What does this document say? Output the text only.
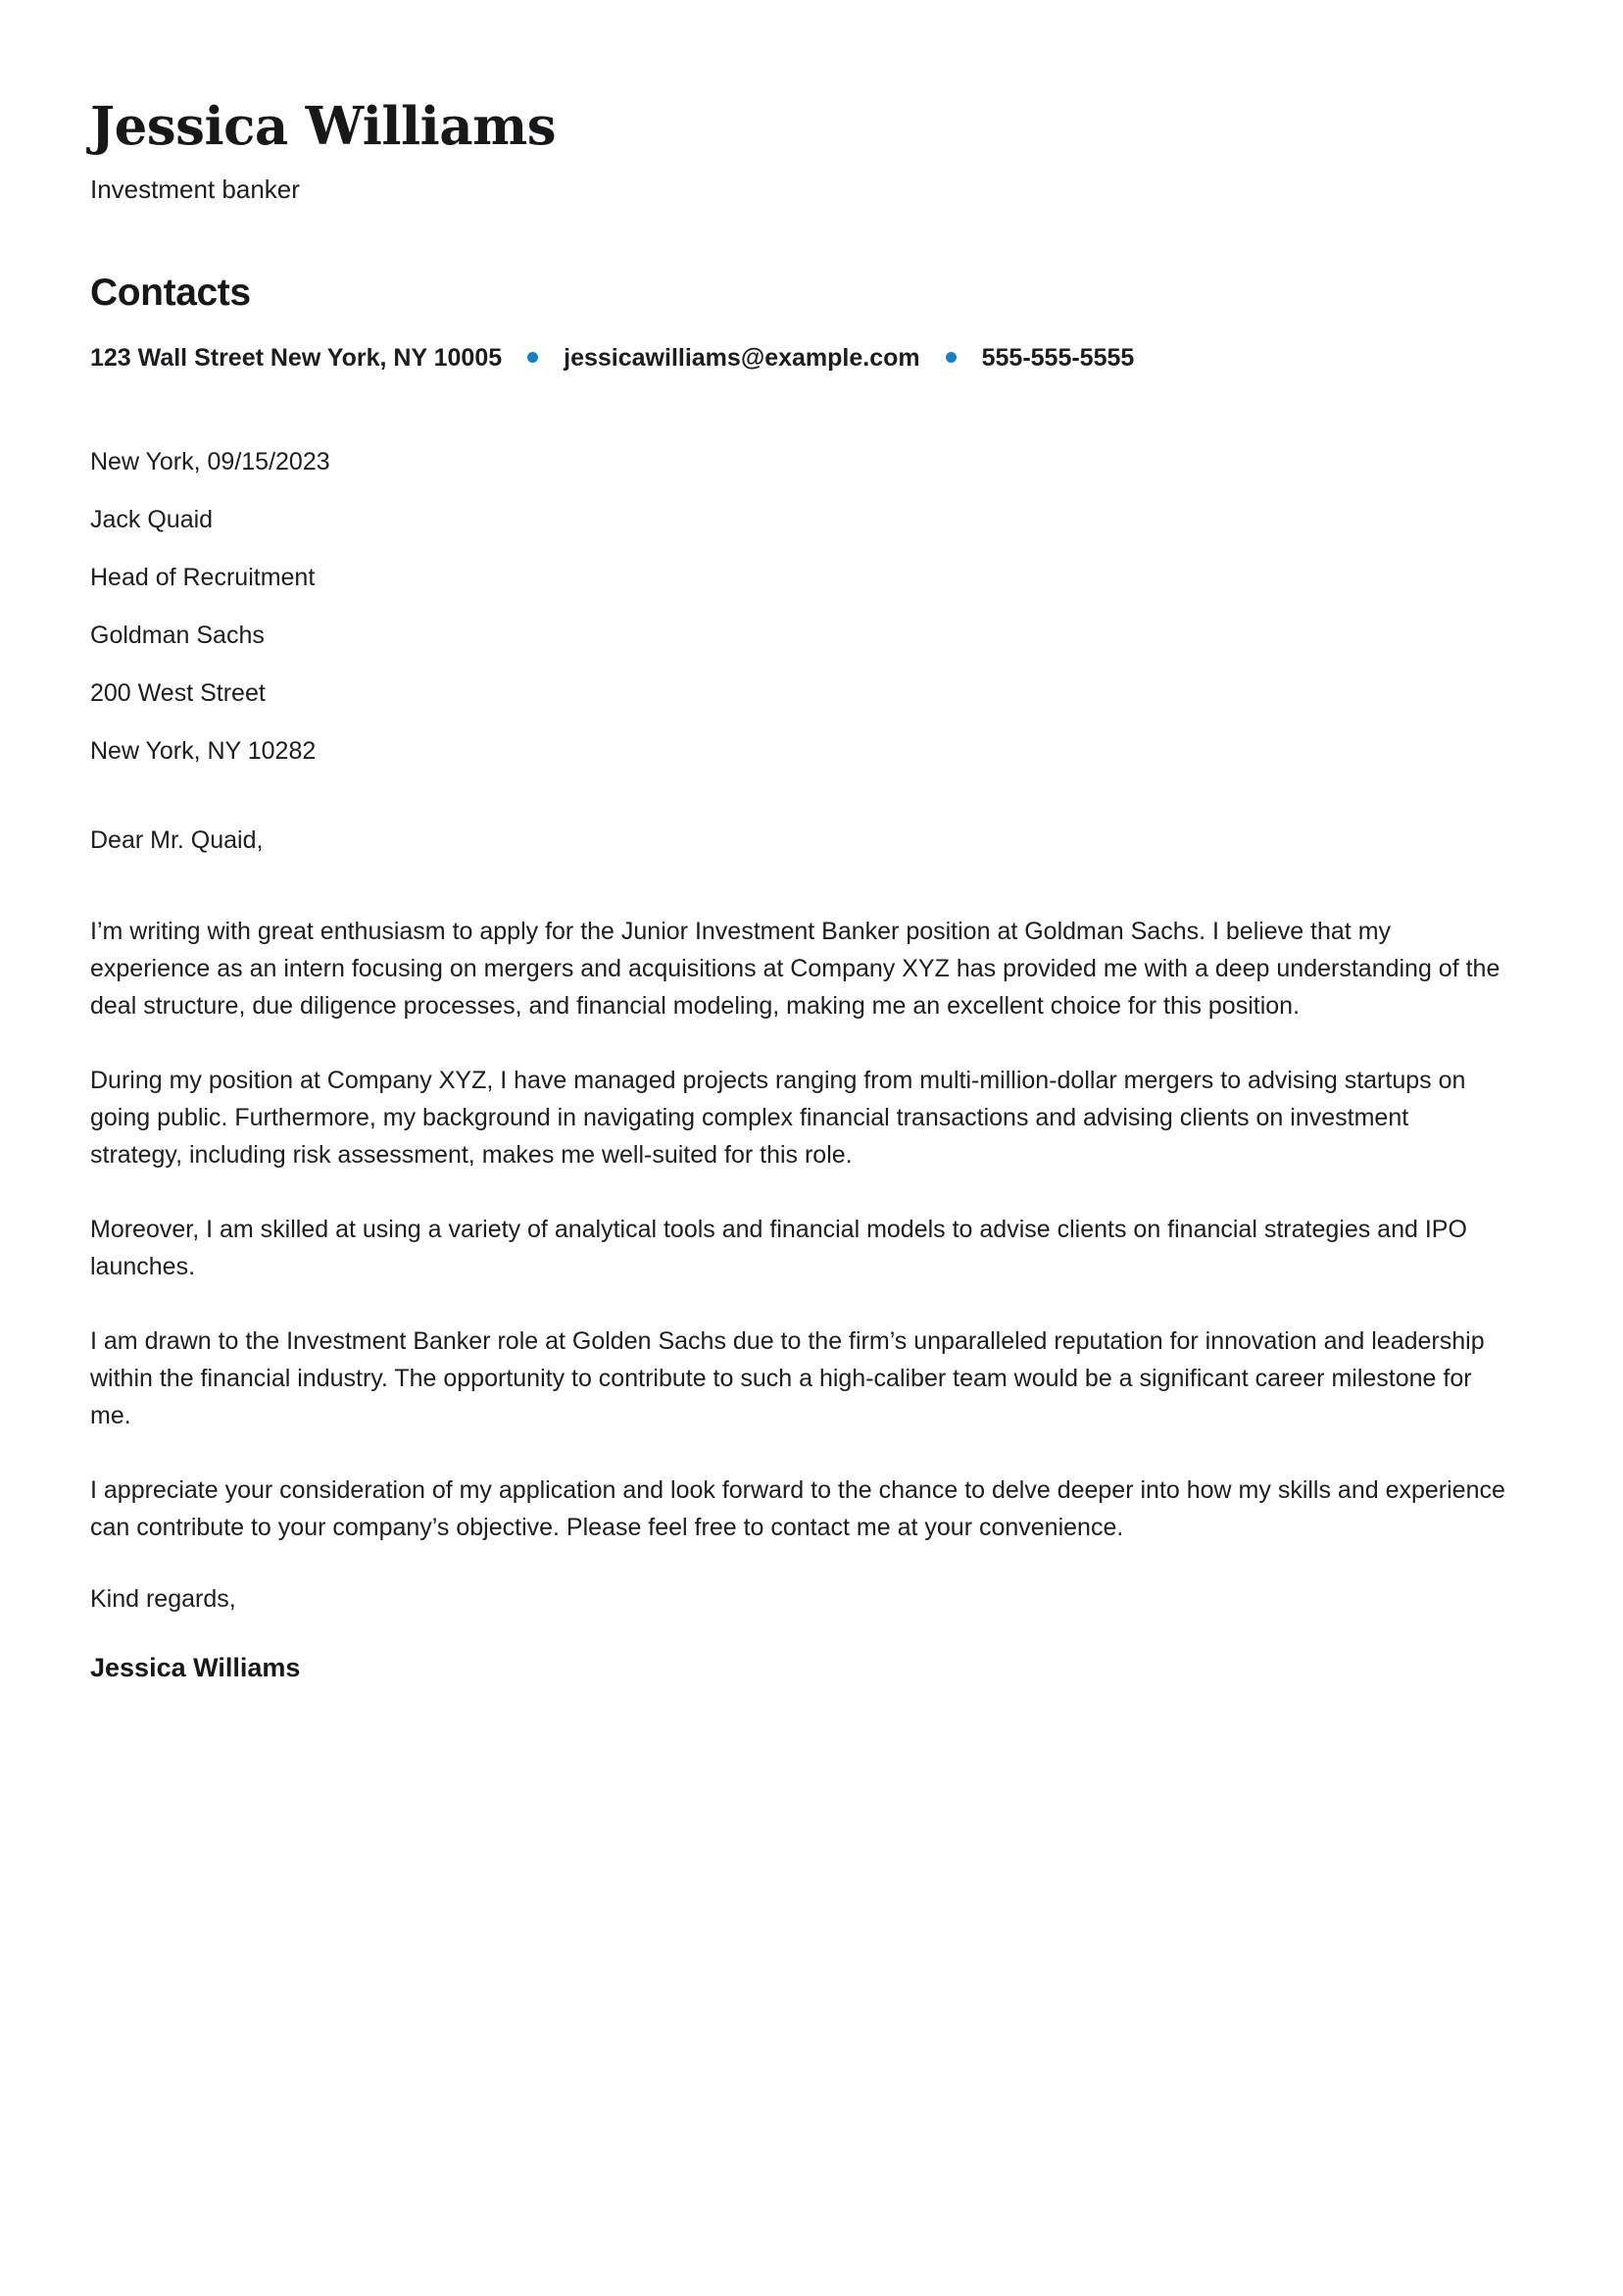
Jessica Williams
Investment banker
Contacts
123 Wall Street New York, NY 10005	jessicawilliams@example.com	555-555-5555
New York, 09/15/2023
Jack Quaid
Head of Recruitment
Goldman Sachs
200 West Street
New York, NY 10282
Dear Mr. Quaid,

I’m writing with great enthusiasm to apply for the Junior Investment Banker position at Goldman Sachs. I believe that my experience as an intern focusing on mergers and acquisitions at Company XYZ has provided me with a deep understanding of the deal structure, due diligence processes, and financial modeling, making me an excellent choice for this position.

During my position at Company XYZ, I have managed projects ranging from multi-million-dollar mergers to advising startups on going public. Furthermore, my background in navigating complex financial transactions and advising clients on investment strategy, including risk assessment, makes me well-suited for this role.

Moreover, I am skilled at using a variety of analytical tools and financial models to advise clients on financial strategies and IPO launches.

I am drawn to the Investment Banker role at Golden Sachs due to the firm’s unparalleled reputation for innovation and leadership within the financial industry. The opportunity to contribute to such a high-caliber team would be a significant career milestone for me.

I appreciate your consideration of my application and look forward to the chance to delve deeper into how my skills and experience can contribute to your company’s objective. Please feel free to contact me at your convenience.

Kind regards,
Jessica Williams
